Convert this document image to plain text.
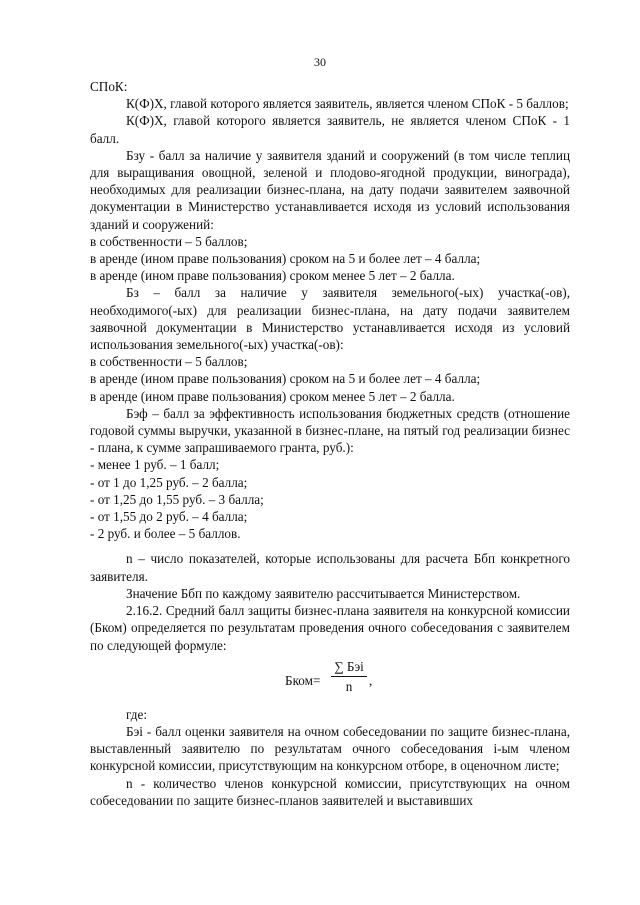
30

СПоК:

К(Ф)Х, главой которого является заявитель, является членом СПоК - 5 баллов;

К(Ф)Х, главой которого является заявитель, не является членом СПоК - 1 балл.

Бзу - балл за наличие у заявителя зданий и сооружений (в том числе теплиц для выращивания овощной, зеленой и плодово-ягодной продукции, винограда), необходимых для реализации бизнес-плана, на дату подачи заявителем заявочной документации в Министерство устанавливается исходя из условий использования зданий и сооружений:

в собственности – 5 баллов;

в аренде (ином праве пользования) сроком на 5 и более лет – 4 балла;

в аренде (ином праве пользования) сроком менее 5 лет – 2 балла.

Бз – балл за наличие у заявителя земельного(-ых) участка(-ов), необходимого(-ых) для реализации бизнес-плана, на дату подачи заявителем заявочной документации в Министерство устанавливается исходя из условий использования земельного(-ых) участка(-ов):

в собственности – 5 баллов;

в аренде (ином праве пользования) сроком на 5 и более лет – 4 балла;

в аренде (ином праве пользования) сроком менее 5 лет – 2 балла.

Бэф – балл за эффективность использования бюджетных средств (отношение годовой суммы выручки, указанной в бизнес-плане, на пятый год реализации бизнес - плана, к сумме запрашиваемого гранта, руб.):

- менее 1 руб. – 1 балл;

- от 1 до 1,25 руб. – 2 балла;

- от 1,25 до 1,55 руб. – 3 балла;

- от 1,55 до 2 руб. – 4 балла;

- 2 руб. и более – 5 баллов.

n – число показателей, которые использованы для расчета Ббп конкретного заявителя.

Значение Ббп по каждому заявителю рассчитывается Министерством.

2.16.2. Средний балл защиты бизнес-плана заявителя на конкурсной комиссии (Бком) определяется по результатам проведения очного собеседования с заявителем по следующей формуле:

Бком=
∑ Бэi
n	,

где:

Бэi - балл оценки заявителя на очном собеседовании по защите бизнес-плана, выставленный заявителю по результатам очного собеседования i-ым членом конкурсной комиссии, присутствующим на конкурсном отборе, в оценочном листе;

n - количество членов конкурсной комиссии, присутствующих на очном собеседовании по защите бизнес-планов заявителей и выставивших
